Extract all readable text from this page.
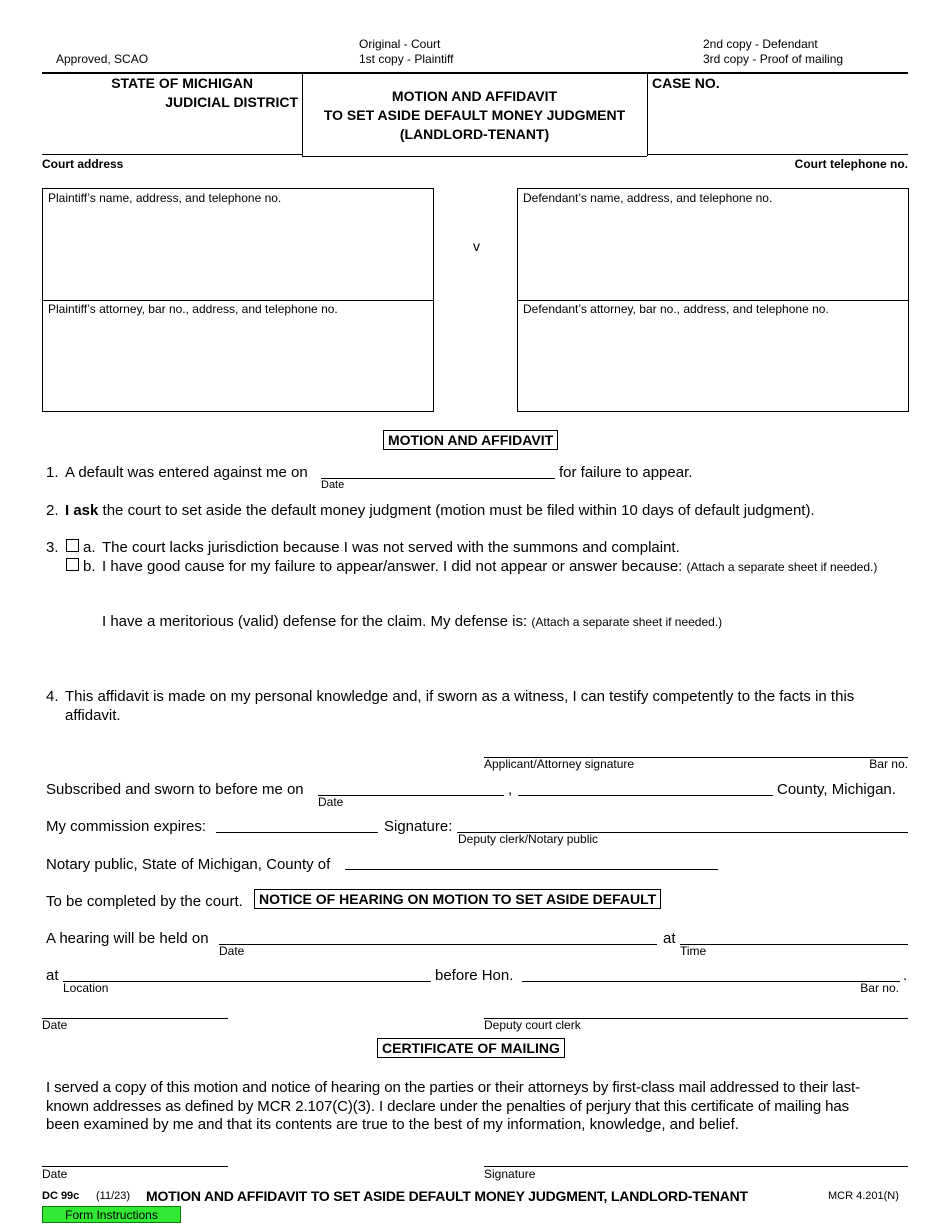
Approved, SCAO
Original - Court
1st copy - Plaintiff
2nd copy - Defendant
3rd copy - Proof of mailing
STATE OF MICHIGAN
JUDICIAL DISTRICT	MOTION AND AFFIDAVIT
TO SET ASIDE DEFAULT MONEY JUDGMENT
(LANDLORD-TENANT)
CASE NO.
Court address	Court telephone no.
Plaintiff’s name, address, and telephone no.
Plaintiff’s attorney, bar no., address, and telephone no.
v
Defendant’s name, address, and telephone no.
Defendant’s attorney, bar no., address, and telephone no.
MOTION AND AFFIDAVIT
1. A default was entered against me on
Date
for failure to appear.
2. I ask the court to set aside the default money judgment (motion must be filed within 10 days of default judgment).
3. a. The court lacks jurisdiction because I was not served with the summons and complaint.
b. I have good cause for my failure to appear/answer. I did not appear or answer because: (Attach a separate sheet if needed.)
I have a meritorious (valid) defense for the claim. My defense is: (Attach a separate sheet if needed.)
4. This affidavit is made on my personal knowledge and, if sworn as a witness, I can testify competently to the facts in this
affidavit.
Applicant/Attorney signature	Bar no.
Subscribed and sworn to before me on
Date
,	County, Michigan.
My commission expires:	Signature:
Deputy clerk/Notary public
Notary public, State of Michigan, County of
To be completed by the court.	NOTICE OF HEARING ON MOTION TO SET ASIDE DEFAULT
A hearing will be held on
Date
at
Time
at
Location
before Hon.
Bar no.
.
Date	Deputy court clerk
CERTIFICATE OF MAILING
I served a copy of this motion and notice of hearing on the parties or their attorneys by first-class mail addressed to their last-
known addresses as defined by MCR 2.107(C)(3). I declare under the penalties of perjury that this certificate of mailing has
been examined by me and that its contents are true to the best of my information, knowledge, and belief.
Date	Signature
DC 99c (11/23) MOTION AND AFFIDAVIT TO SET ASIDE DEFAULT MONEY JUDGMENT, LANDLORD-TENANT	MCR 4.201(N)
Form Instructions
